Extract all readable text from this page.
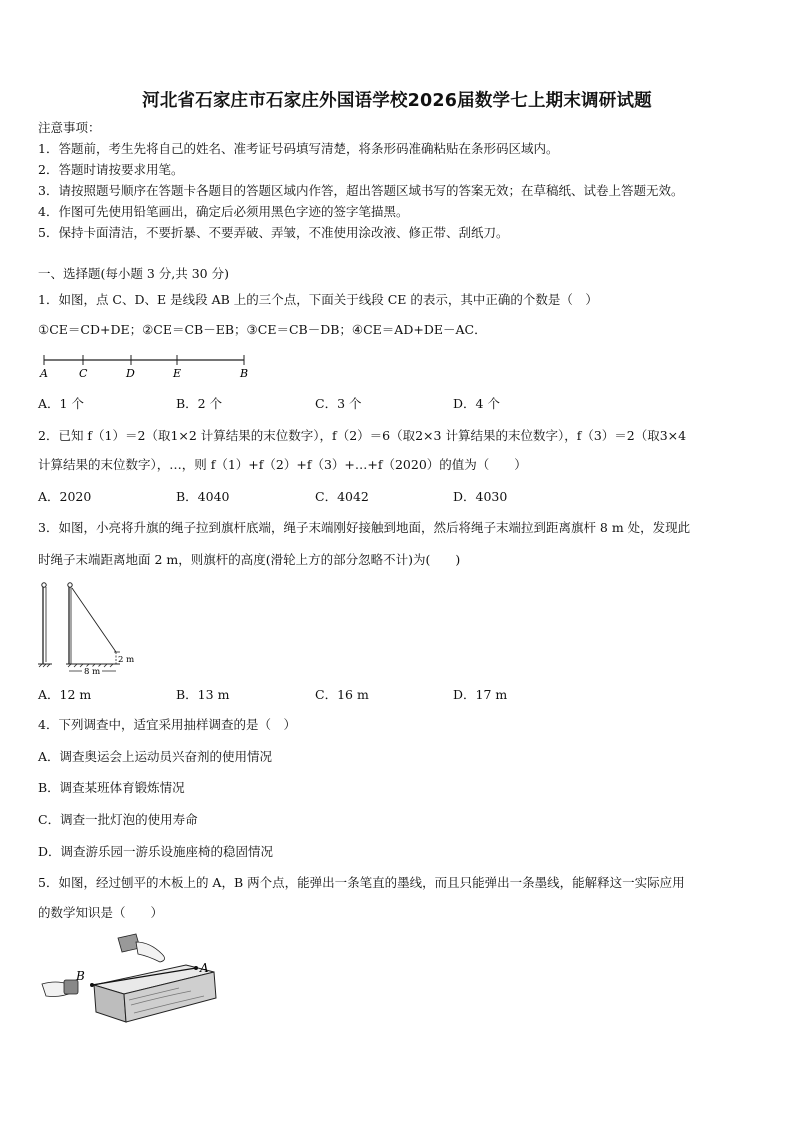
河北省石家庄市石家庄外国语学校2026届数学七上期末调研试题
注意事项：
1．答题前，考生先将自己的姓名、准考证号码填写清楚，将条形码准确粘贴在条形码区域内。
2．答题时请按要求用笔。
3．请按照题号顺序在答题卡各题目的答题区域内作答，超出答题区域书写的答案无效；在草稿纸、试卷上答题无效。
4．作图可先使用铅笔画出，确定后必须用黑色字迹的签字笔描黑。
5．保持卡面清洁，不要折暴、不要弄破、弄皱，不准使用涂改液、修正带、刮纸刀。
一、选择题(每小题 3 分,共 30 分)
1．如图，点 C、D、E 是线段 AB 上的三个点，下面关于线段 CE 的表示，其中正确的个数是（　）
①CE＝CD+DE；②CE＝CB－EB；③CE＝CB－DB；④CE＝AD+DE－AC．
A	C	D	E	B
A．1 个	B．2 个	C．3 个	D．4 个
2．已知 f（1）＝2（取1×2 计算结果的末位数字），f（2）＝6（取2×3 计算结果的末位数字），f（3）＝2（取3×4
计算结果的末位数字），…，则 f（1）+f（2）+f（3）+…+f（2020）的值为（　　）
A．2020	B．4040	C．4042	D．4030
3．如图，小亮将升旗的绳子拉到旗杆底端，绳子末端刚好接触到地面，然后将绳子末端拉到距离旗杆 8 m 处，发现此
时绳子末端距离地面 2 m，则旗杆的高度(滑轮上方的部分忽略不计)为(　　)
8 m
2 m
A．12 m	B．13 m	C．16 m	D．17 m
4．下列调查中，适宜采用抽样调查的是（　）
A．调查奥运会上运动员兴奋剂的使用情况
B．调查某班体育锻炼情况
C．调查一批灯泡的使用寿命
D．调查游乐园一游乐设施座椅的稳固情况
5．如图，经过刨平的木板上的 A，B 两个点，能弹出一条笔直的墨线，而且只能弹出一条墨线，能解释这一实际应用
的数学知识是（　　）
B
A
